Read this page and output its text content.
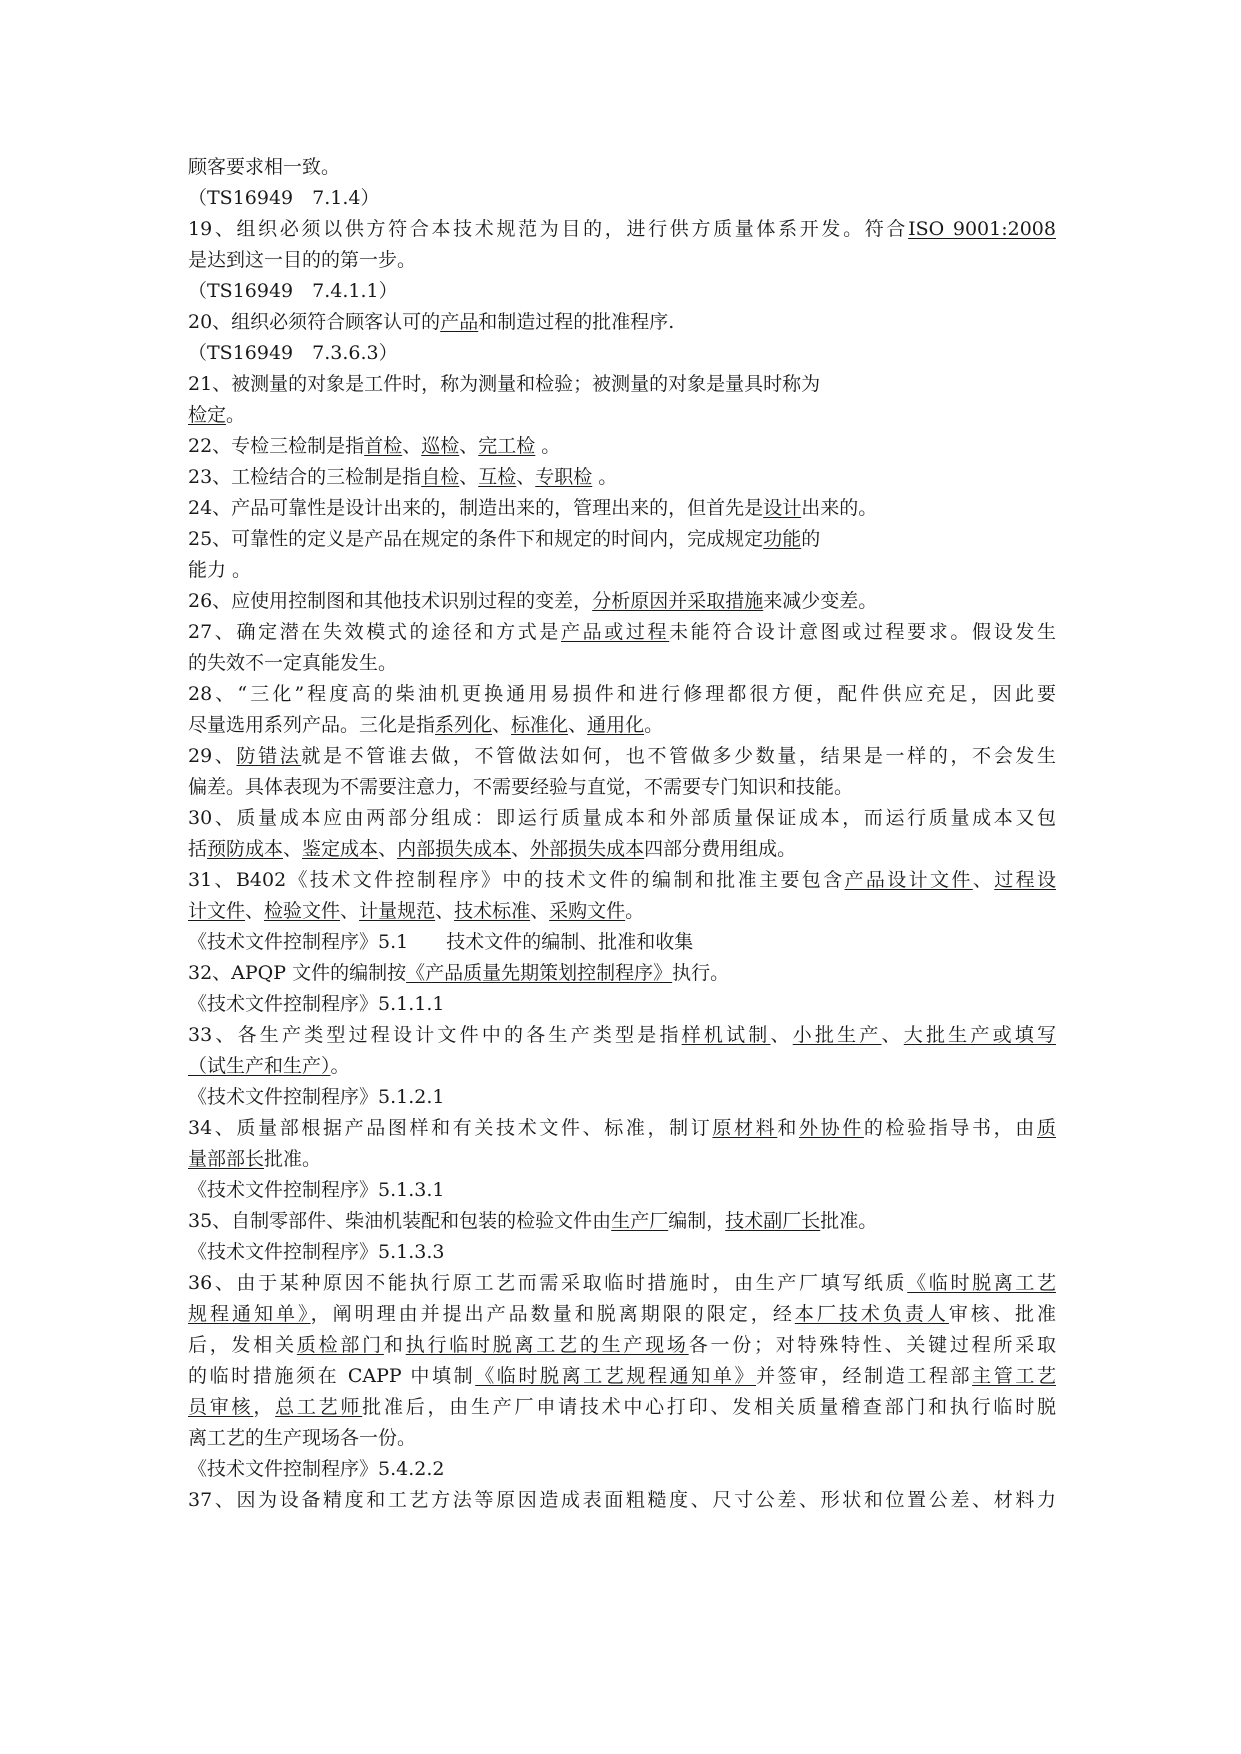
顾客要求相一致。
（TS16949　7.1.4）
19、组织必须以供方符合本技术规范为目的，进行供方质量体系开发。符合ISO 9001:2008
是达到这一目的的第一步。
（TS16949　7.4.1.1）
20、组织必须符合顾客认可的产品和制造过程的批准程序.
（TS16949　7.3.6.3）
21、被测量的对象是工件时，称为测量和检验；被测量的对象是量具时称为
检定。
22、专检三检制是指首检、巡检、完工检 。
23、工检结合的三检制是指自检、互检、专职检 。
24、产品可靠性是设计出来的，制造出来的，管理出来的，但首先是设计出来的。
25、可靠性的定义是产品在规定的条件下和规定的时间内，完成规定功能的
能力 。
26、应使用控制图和其他技术识别过程的变差，分析原因并采取措施来减少变差。
27、确定潜在失效模式的途径和方式是产品或过程未能符合设计意图或过程要求。假设发生
的失效不一定真能发生。
28、“三化”程度高的柴油机更换通用易损件和进行修理都很方便，配件供应充足，因此要
尽量选用系列产品。三化是指系列化、标准化、通用化。
29、防错法就是不管谁去做，不管做法如何，也不管做多少数量，结果是一样的，不会发生
偏差。具体表现为不需要注意力，不需要经验与直觉，不需要专门知识和技能。
30、质量成本应由两部分组成：即运行质量成本和外部质量保证成本，而运行质量成本又包
括预防成本、鉴定成本、内部损失成本、外部损失成本四部分费用组成。
31、B402《技术文件控制程序》中的技术文件的编制和批准主要包含产品设计文件、过程设
计文件、检验文件、计量规范、技术标准、采购文件。
《技术文件控制程序》5.1　　技术文件的编制、批准和收集
32、APQP 文件的编制按《产品质量先期策划控制程序》执行。
《技术文件控制程序》5.1.1.1
33、各生产类型过程设计文件中的各生产类型是指样机试制、小批生产、大批生产或填写
（试生产和生产）。
《技术文件控制程序》5.1.2.1
34、质量部根据产品图样和有关技术文件、标准，制订原材料和外协件的检验指导书，由质
量部部长批准。
《技术文件控制程序》5.1.3.1
35、自制零部件、柴油机装配和包装的检验文件由生产厂编制，技术副厂长批准。
《技术文件控制程序》5.1.3.3
36、由于某种原因不能执行原工艺而需采取临时措施时，由生产厂填写纸质《临时脱离工艺
规程通知单》，阐明理由并提出产品数量和脱离期限的限定，经本厂技术负责人审核、批准
后，发相关质检部门和执行临时脱离工艺的生产现场各一份；对特殊特性、关键过程所采取
的临时措施须在 CAPP 中填制《临时脱离工艺规程通知单》并签审，经制造工程部主管工艺
员审核，总工艺师批准后，由生产厂申请技术中心打印、发相关质量稽查部门和执行临时脱
离工艺的生产现场各一份。
《技术文件控制程序》5.4.2.2
37、因为设备精度和工艺方法等原因造成表面粗糙度、尺寸公差、形状和位置公差、材料力
